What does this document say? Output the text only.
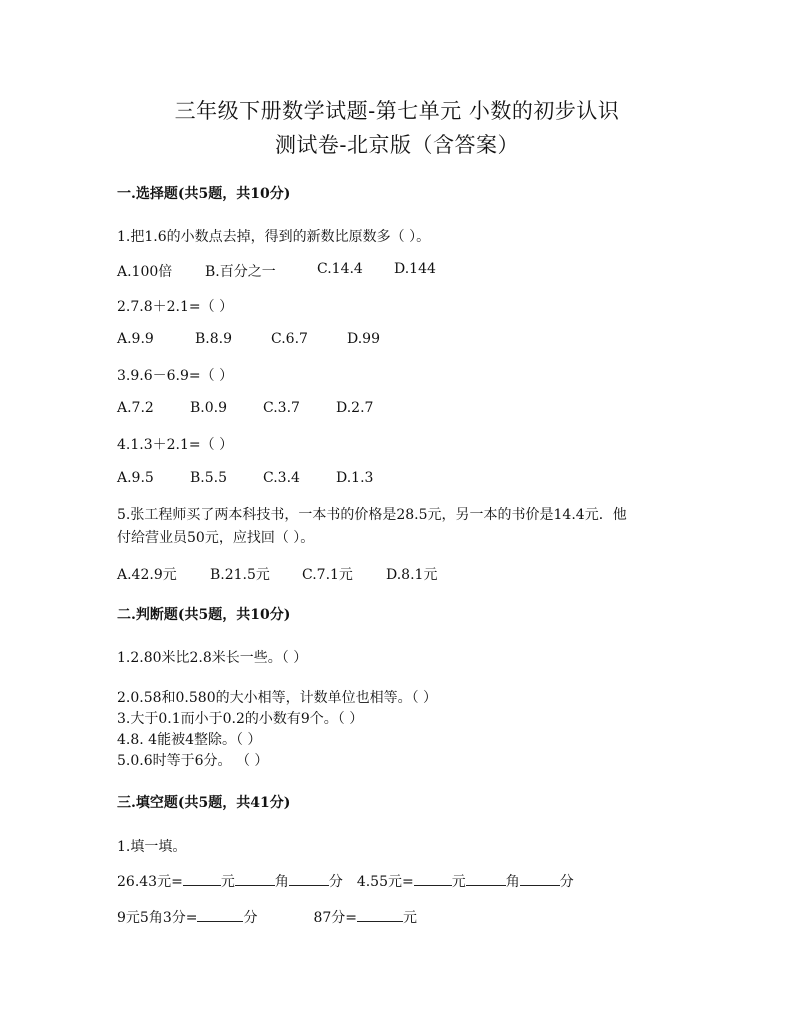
三年级下册数学试题-第七单元 小数的初步认识
测试卷-北京版（含答案）
一.选择题(共5题，共10分)
1.把1.6的小数点去掉，得到的新数比原数多（ ）。
A.100倍 B.百分之一	C.14.4 D.144
2.7.8＋2.1=（ ）
A.9.9	B.8.9	C.6.7	D.99
3.9.6－6.9=（ ）
A.7.2	B.0.9	C.3.7	D.2.7
4.1.3＋2.1=（ ）
A.9.5	B.5.5	C.3.4	D.1.3
5.张工程师买了两本科技书，一本书的价格是28.5元，另一本的书价是14.4元．他
付给营业员50元，应找回（ ）。
A.42.9元 B.21.5元 C.7.1元 D.8.1元
二.判断题(共5题，共10分)
1.2.80米比2.8米长一些。（ ）
2.0.58和0.580的大小相等，计数单位也相等。（ ）
3.大于0.1而小于0.2的小数有9个。（ ）
4.8. 4能被4整除。（ ）
5.0.6时等于6分。 （ ）
三.填空题(共5题，共41分)
1.填一填。
26.43元=	元	角	分 4.55元=	元	角	分
9元5角3分=	分	87分=	元
